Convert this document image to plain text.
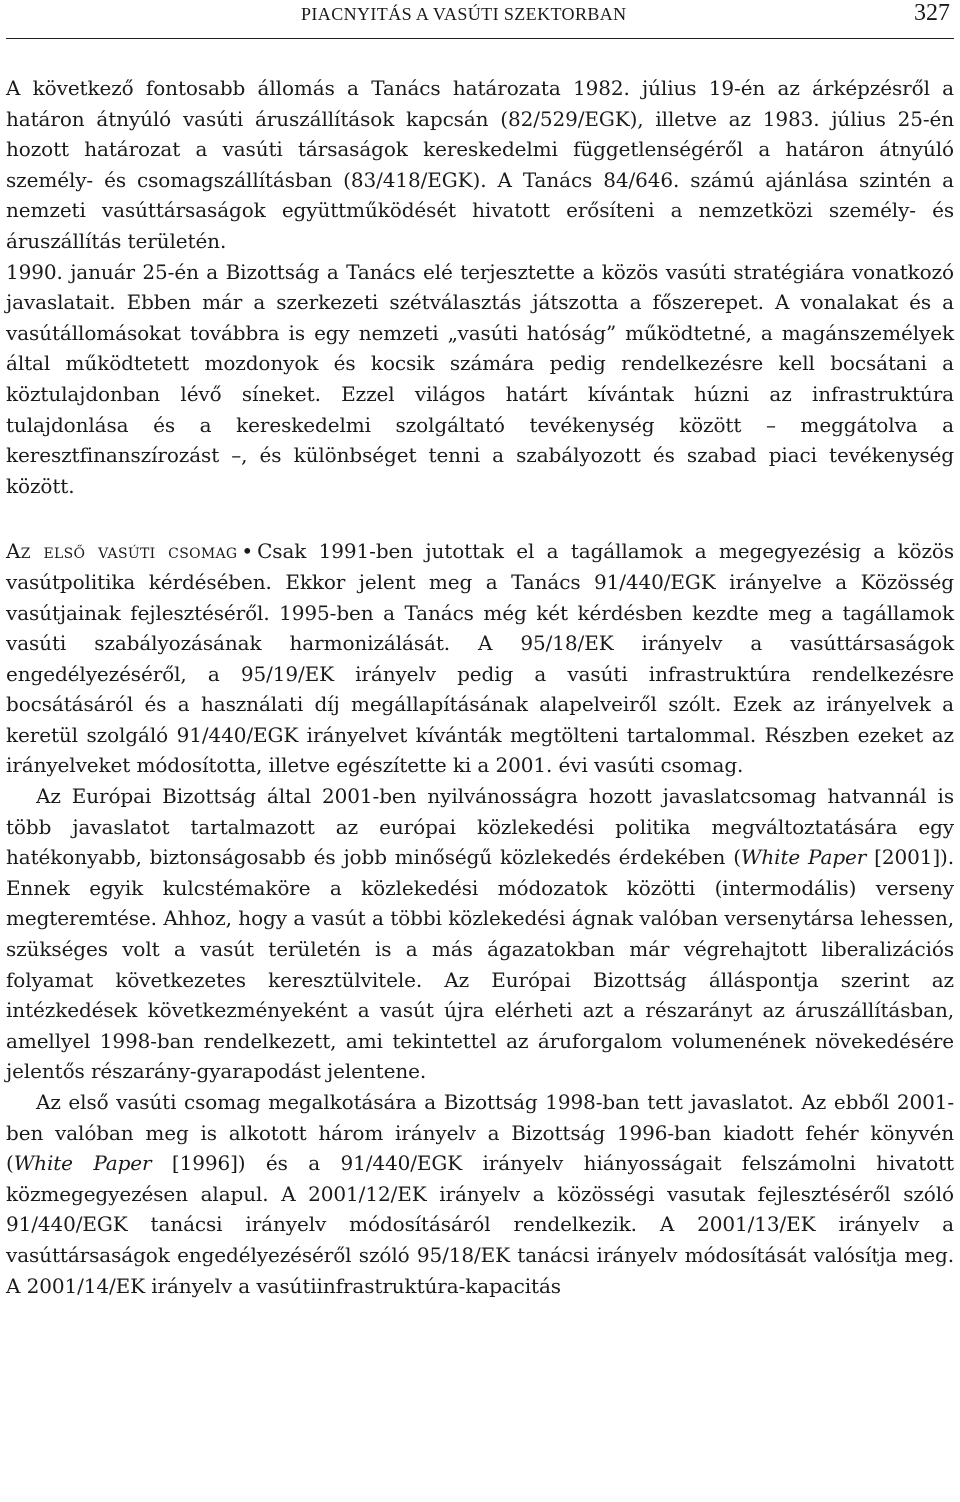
PIACNYITÁS A VASÚTI SZEKTORBAN	327

A következő fontosabb állomás a Tanács határozata 1982. július 19-én az árképzésről a határon átnyúló vasúti áruszállítások kapcsán (82/529/EGK), illetve az 1983. július 25-én hozott határozat a vasúti társaságok kereskedelmi függetlenségéről a határon átnyúló személy- és csomagszállításban (83/418/EGK). A Tanács 84/646. számú ajánlása szintén a nemzeti vasúttársaságok együttműködését hivatott erősíteni a nemzetközi személy- és áruszállítás területén.

1990. január 25-én a Bizottság a Tanács elé terjesztette a közös vasúti stratégiára vonatkozó javaslatait. Ebben már a szerkezeti szétválasztás játszotta a főszerepet. A vonalakat és a vasútállomásokat továbbra is egy nemzeti „vasúti hatóság” működtetné, a magánszemélyek által működtetett mozdonyok és kocsik számára pedig rendelkezésre kell bocsátani a köztulajdonban lévő síneket. Ezzel világos határt kívántak húzni az infrastruktúra tulajdonlása és a kereskedelmi szolgáltató tevékenység között – meggátolva a keresztfinanszírozást –, és különbséget tenni a szabályozott és szabad piaci tevékenység között.

Az első vasúti csomag • Csak 1991-ben jutottak el a tagállamok a megegyezésig a közös vasútpolitika kérdésében. Ekkor jelent meg a Tanács 91/440/EGK irányelve a Közösség vasútjainak fejlesztéséről. 1995-ben a Tanács még két kérdésben kezdte meg a tagállamok vasúti szabályozásának harmonizálását. A 95/18/EK irányelv a vasúttársaságok engedélyezéséről, a 95/19/EK irányelv pedig a vasúti infrastruktúra rendelkezésre bocsátásáról és a használati díj megállapításának alapelveiről szólt. Ezek az irányelvek a keretül szolgáló 91/440/EGK irányelvet kívánták megtölteni tartalommal. Részben ezeket az irányelveket módosította, illetve egészítette ki a 2001. évi vasúti csomag.

Az Európai Bizottság által 2001-ben nyilvánosságra hozott javaslatcsomag hatvannál is több javaslatot tartalmazott az európai közlekedési politika megváltoztatására egy hatékonyabb, biztonságosabb és jobb minőségű közlekedés érdekében (White Paper [2001]). Ennek egyik kulcstémaköre a közlekedési módozatok közötti (intermodális) verseny megteremtése. Ahhoz, hogy a vasút a többi közlekedési ágnak valóban versenytársa lehessen, szükséges volt a vasút területén is a más ágazatokban már végrehajtott liberalizációs folyamat következetes keresztülvitele. Az Európai Bizottság álláspontja szerint az intézkedések következményeként a vasút újra elérheti azt a részarányt az áruszállításban, amellyel 1998-ban rendelkezett, ami tekintettel az áruforgalom volumenének növekedésére jelentős részarány-gyarapodást jelentene.

Az első vasúti csomag megalkotására a Bizottság 1998-ban tett javaslatot. Az ebből 2001-ben valóban meg is alkotott három irányelv a Bizottság 1996-ban kiadott fehér könyvén (White Paper [1996]) és a 91/440/EGK irányelv hiányosságait felszámolni hivatott közmegegyezésen alapul. A 2001/12/EK irányelv a közösségi vasutak fejlesztéséről szóló 91/440/EGK tanácsi irányelv módosításáról rendelkezik. A 2001/13/EK irányelv a vasúttársaságok engedélyezéséről szóló 95/18/EK tanácsi irányelv módosítását valósítja meg. A 2001/14/EK irányelv a vasútiinfrastruktúra-kapacitás
